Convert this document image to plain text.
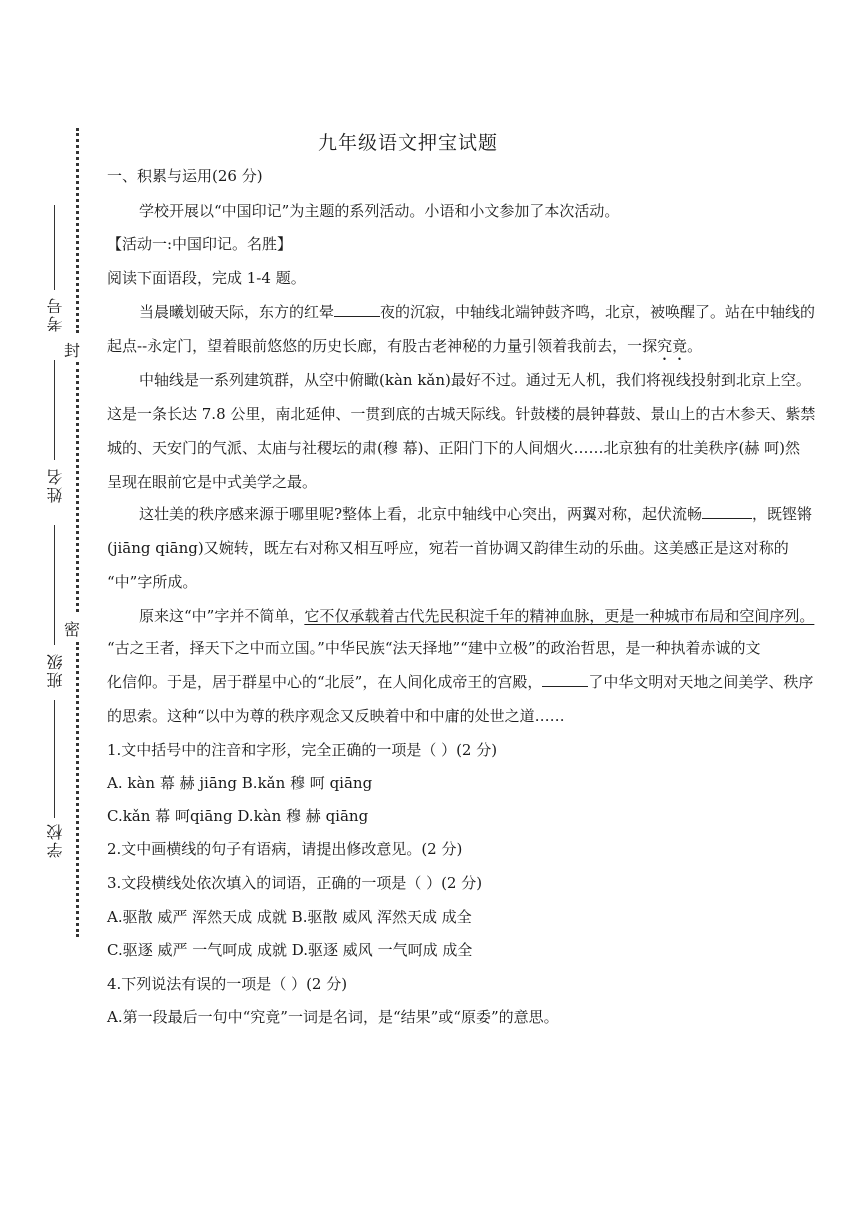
封
密
考号
姓名
班级
学校
九年级语文押宝试题
一、积累与运用(26 分)
学校开展以“中国印记”为主题的系列活动。小语和小文参加了本次活动。
【活动一:中国印记。名胜】
阅读下面语段，完成 1-4 题。
当晨曦划破天际，东方的红晕	夜的沉寂，中轴线北端钟鼓齐鸣，北京，被唤醒了。站在中轴线的
起点--永定门，望着眼前悠悠的历史长廊，有股古老神秘的力量引领着我前去，一探究竟。
中轴线是一系列建筑群，从空中俯瞰(kàn kǎn)最好不过。通过无人机，我们将视线投射到北京上空。
这是一条长达 7.8 公里，南北延伸、一贯到底的古城天际线。针鼓楼的晨钟暮鼓、景山上的古木参天、紫禁
城的、天安门的气派、太庙与社稷坛的肃(穆 幕)、正阳门下的人间烟火……北京独有的壮美秩序(赫 呵)然
呈现在眼前它是中式美学之最。
这壮美的秩序感来源于哪里呢?整体上看，北京中轴线中心突出，两翼对称，起伏流畅	，既铿锵
(jiāng qiāng)又婉转，既左右对称又相互呼应，宛若一首协调又韵律生动的乐曲。这美感正是这对称的
“中”字所成。
原来这“中”字并不简单，它不仅承载着古代先民积淀千年的精神血脉，更是一种城市布局和空间序列。
“古之王者，择天下之中而立国。”中华民族“法天择地”“建中立极”的政治哲思，是一种执着赤诚的文
化信仰。于是，居于群星中心的“北辰”，在人间化成帝王的宫殿，	了中华文明对天地之间美学、秩序
的思索。这种“以中为尊的秩序观念又反映着中和中庸的处世之道……
1.文中括号中的注音和字形，完全正确的一项是（ ）(2 分)
A. kàn 幕 赫 jiāng B.kǎn 穆 呵 qiāng
C.kǎn 幕 呵qiāng D.kàn 穆 赫 qiāng
2.文中画横线的句子有语病，请提出修改意见。(2 分)
3.文段横线处依次填入的词语，正确的一项是（ ）(2 分)
A.驱散 威严 浑然天成 成就 B.驱散 威风 浑然天成 成全
C.驱逐 威严 一气呵成 成就 D.驱逐 威风 一气呵成 成全
4.下列说法有误的一项是（ ）(2 分)
A.第一段最后一句中“究竟”一词是名词，是“结果”或“原委”的意思。
